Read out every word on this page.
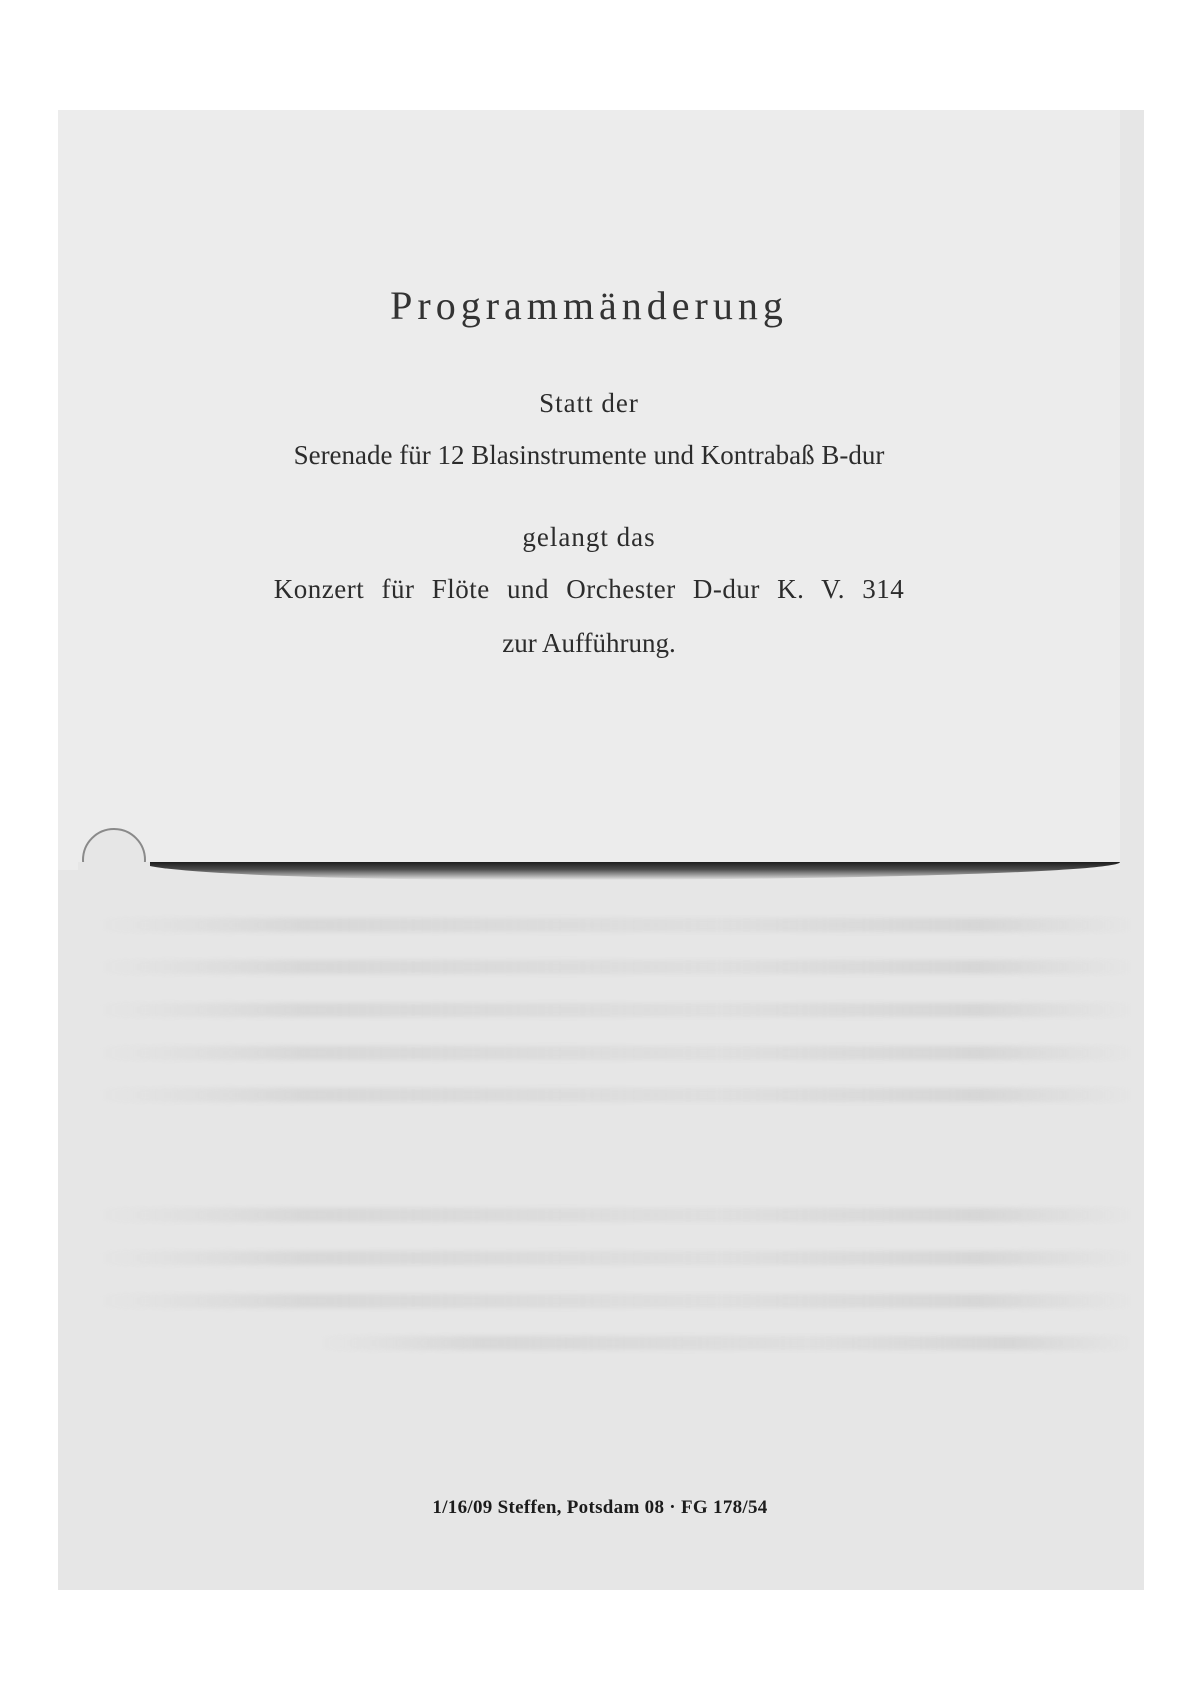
Programmänderung
Statt der
Serenade für 12 Blasinstrumente und Kontrabaß B-dur
gelangt das
Konzert für Flöte und Orchester D-dur K. V. 314
zur Aufführung.
1/16/09 Steffen, Potsdam 08 · FG 178/54
